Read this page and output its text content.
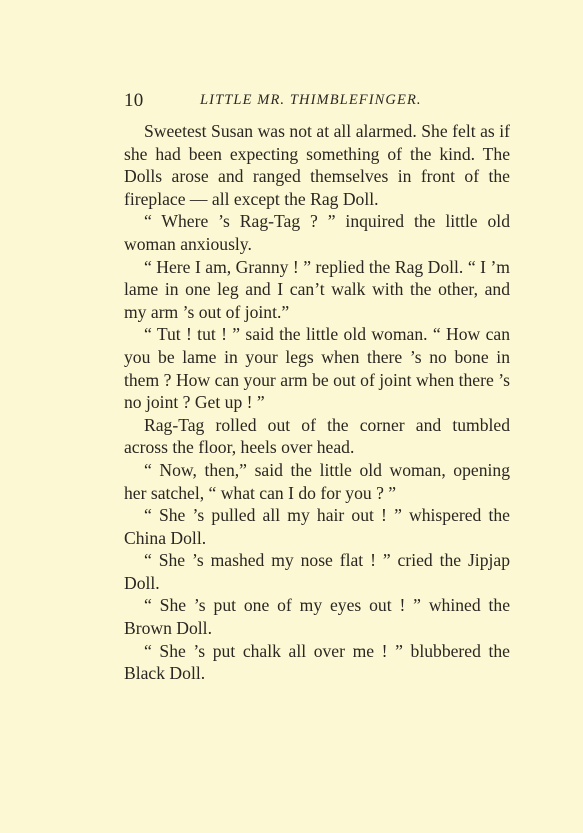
10	LITTLE MR. THIMBLEFINGER.

Sweetest Susan was not at all alarmed. She felt as if she had been expecting something of the kind. The Dolls arose and ranged themselves in front of the fireplace — all except the Rag Doll.

“ Where ’s Rag-Tag ? ” inquired the little old woman anxiously.

“ Here I am, Granny ! ” replied the Rag Doll. “ I ’m lame in one leg and I can’t walk with the other, and my arm ’s out of joint.”

“ Tut ! tut ! ” said the little old woman. “ How can you be lame in your legs when there ’s no bone in them ? How can your arm be out of joint when there ’s no joint ? Get up ! ”

Rag-Tag rolled out of the corner and tumbled across the floor, heels over head.

“ Now, then,” said the little old woman, opening her satchel, “ what can I do for you ? ”

“ She ’s pulled all my hair out ! ” whispered the China Doll.

“ She ’s mashed my nose flat ! ” cried the Jipjap Doll.

“ She ’s put one of my eyes out ! ” whined the Brown Doll.

“ She ’s put chalk all over me ! ” blubbered the Black Doll.
